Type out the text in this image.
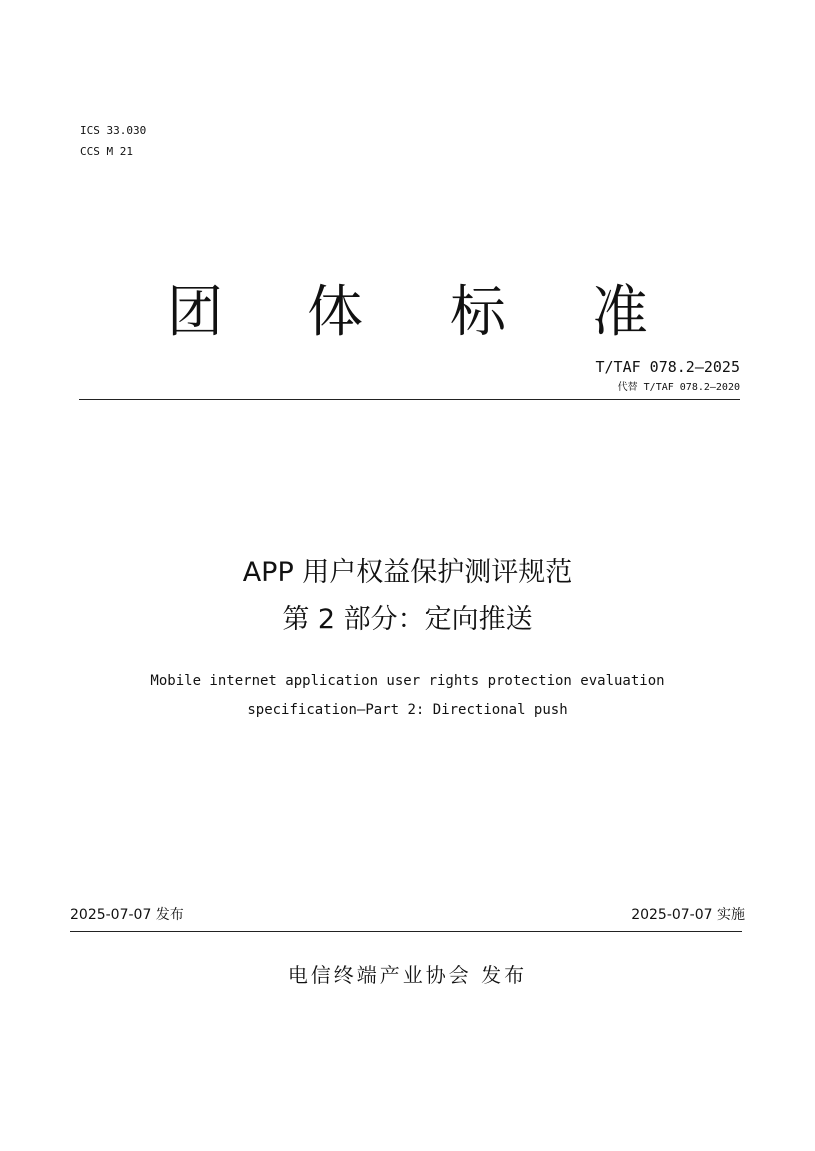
ICS 33.030
CCS M 21
团 体 标 准
T/TAF 078.2—2025
代替 T/TAF 078.2—2020
APP 用户权益保护测评规范
第 2 部分：定向推送
Mobile internet application user rights protection evaluation
specification—Part 2: Directional push
2025-07-07 发布	2025-07-07 实施
电信终端产业协会 发布
